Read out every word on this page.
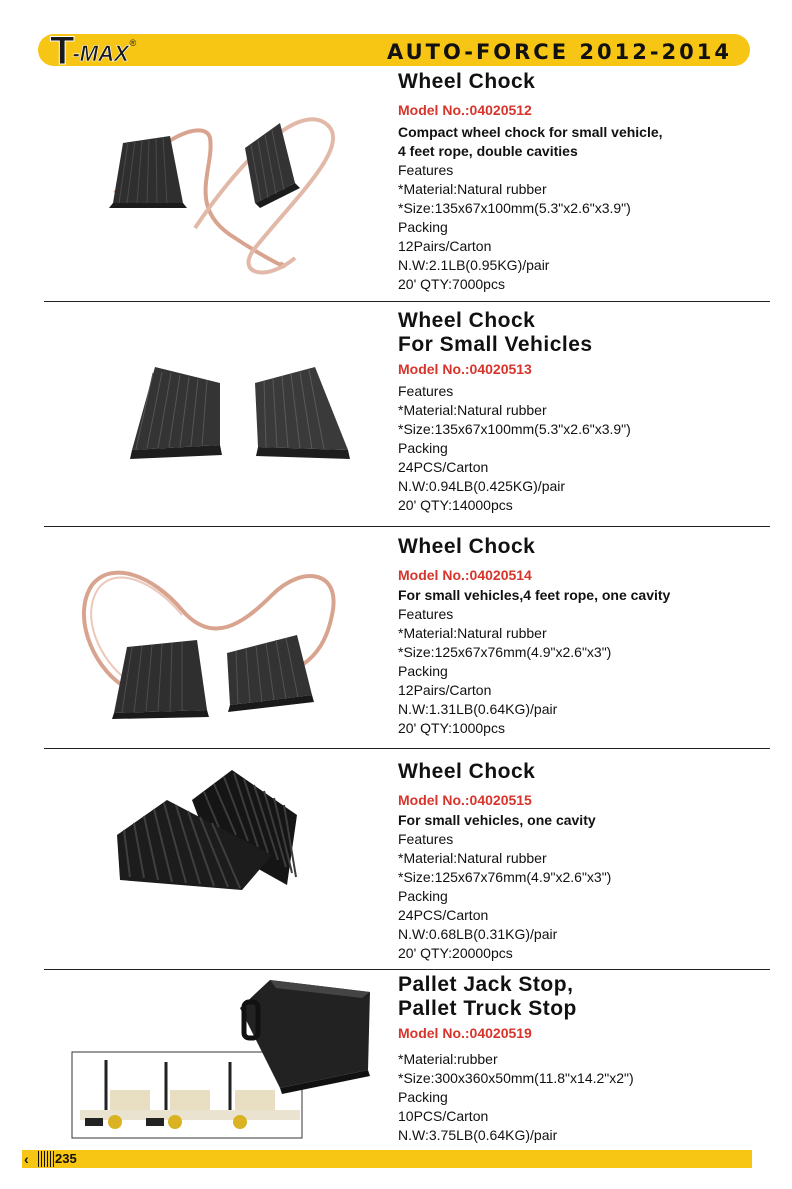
T
-MAX ®	AUTO-FORCE 2012-2014
Wheel Chock
Model No.:04020512
Compact wheel chock for small vehicle,
4 feet rope, double cavities
Features
*Material:Natural rubber
*Size:135x67x100mm(5.3"x2.6"x3.9")
Packing
12Pairs/Carton
N.W:2.1LB(0.95KG)/pair
20' QTY:7000pcs
Wheel Chock
For Small Vehicles
Model No.:04020513
Features
*Material:Natural rubber
*Size:135x67x100mm(5.3"x2.6"x3.9")
Packing
24PCS/Carton
N.W:0.94LB(0.425KG)/pair
20' QTY:14000pcs
Wheel Chock
Model No.:04020514
For small vehicles,4 feet rope, one cavity
Features
*Material:Natural rubber
*Size:125x67x76mm(4.9"x2.6"x3")
Packing
12Pairs/Carton
N.W:1.31LB(0.64KG)/pair
20' QTY:1000pcs
Wheel Chock
Model No.:04020515
For small vehicles, one cavity
Features
*Material:Natural rubber
*Size:125x67x76mm(4.9"x2.6"x3")
Packing
24PCS/Carton
N.W:0.68LB(0.31KG)/pair
20' QTY:20000pcs
Pallet Jack Stop,
Pallet Truck Stop
Model No.:04020519
*Material:rubber
*Size:300x360x50mm(11.8"x14.2"x2")
Packing
10PCS/Carton
N.W:3.75LB(0.64KG)/pair
‹ 235
